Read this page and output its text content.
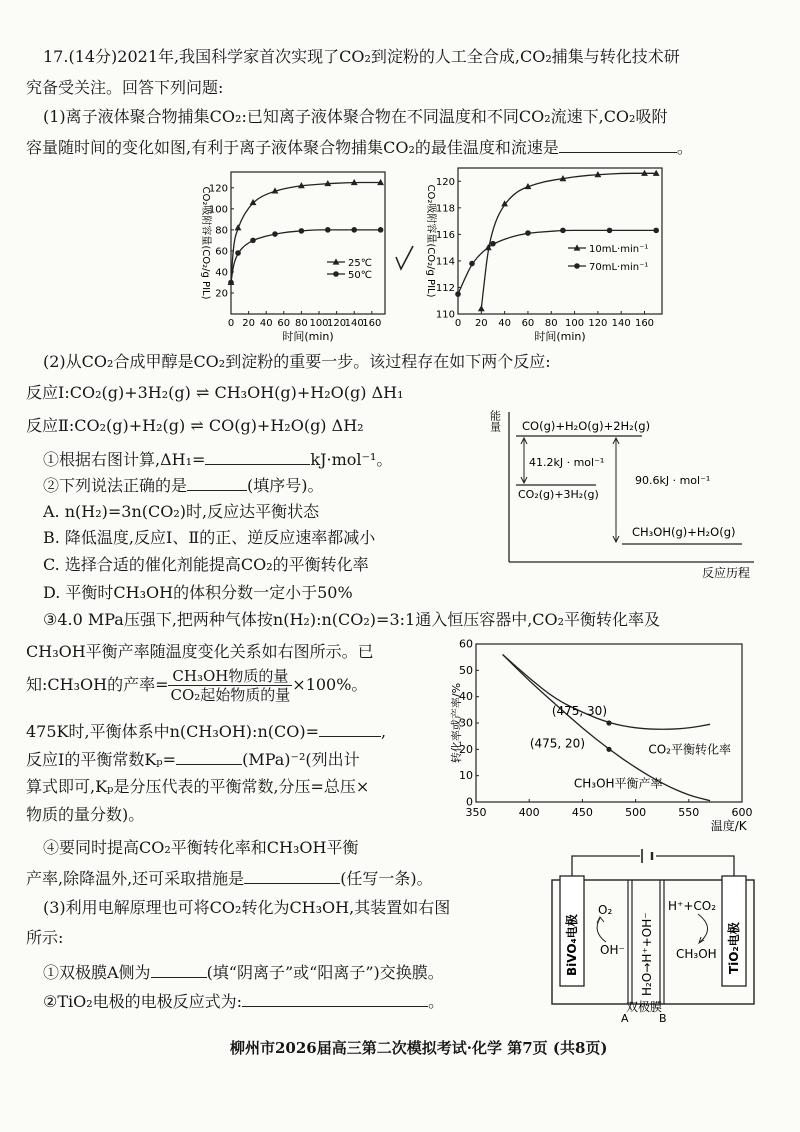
17.(14分)2021年,我国科学家首次实现了CO₂到淀粉的人工全合成,CO₂捕集与转化技术研
究备受关注。回答下列问题:
(1)离子液体聚合物捕集CO₂:已知离子液体聚合物在不同温度和不同CO₂流速下,CO₂吸附
容量随时间的变化如图,有利于离子液体聚合物捕集CO₂的最佳温度和流速是	。
0 20 40 60 80 100
120
140
160
20
40
60
80
100
120
时间(min)
CO₂吸附容量(CO₂/g PIL)	25℃
50℃
0 20 40 60 80 100 120 140 160
110
112
114
116
118
120
时间(min)
CO₂吸附容量(CO₂/g PIL)	10mL·min⁻¹
70mL·min⁻¹
(2)从CO₂合成甲醇是CO₂到淀粉的重要一步。该过程存在如下两个反应:
反应Ⅰ:CO₂(g)+3H₂(g) ⇌ CH₃OH(g)+H₂O(g) ΔH₁
反应Ⅱ:CO₂(g)+H₂(g) ⇌ CO(g)+H₂O(g) ΔH₂
①根据右图计算,ΔH₁=	kJ·mol⁻¹。
②下列说法正确的是	(填序号)。
A. n(H₂)=3n(CO₂)时,反应达平衡状态
B. 降低温度,反应Ⅰ、Ⅱ的正、逆反应速率都减小
C. 选择合适的催化剂能提高CO₂的平衡转化率
D. 平衡时CH₃OH的体积分数一定小于50%
能量
反应历程
CO(g)+H₂O(g)+2H₂(g)
CO₂(g)+3H₂(g)
CH₃OH(g)+H₂O(g)
41.2kJ · mol⁻¹
90.6kJ · mol⁻¹
③4.0 MPa压强下,把两种气体按n(H₂):n(CO₂)=3:1通入恒压容器中,CO₂平衡转化率及
CH₃OH平衡产率随温度变化关系如右图所示。已
知:CH₃OH的产率= $\frac{\text{CH₃OH物质的量}}{\text{CO₂起始物质的量}} \times 100\%$。
475K时,平衡体系中n(CH₃OH):n(CO)=	,
反应Ⅰ的平衡常数Kₚ=	(MPa)⁻²(列出计
算式即可,Kₚ是分压代表的平衡常数,分压=总压×
物质的量分数)。
④要同时提高CO₂平衡转化率和CH₃OH平衡
产率,除降温外,还可采取措施是	(任写一条)。
350	400	450	500	550	600
0
10
20
30
40
50
60
温度/K
转化率或产率/%	(475, 30)
(475, 20)	CO₂平衡转化率
CH₃OH平衡产率
(3)利用电解原理也可将CO₂转化为CH₃OH,其装置如右图
所示:
①双极膜A侧为	(填“阴离子”或“阳离子”)交换膜。
②TiO₂电极的电极反应式为:	。
BiVO₄电极	TiO₂电极
H₂O→H⁺+OH⁻
O₂
OH⁻
H⁺+CO₂
CH₃OH
双极膜
A	B
柳州市2026届高三第二次模拟考试·化学 第7页 (共8页)
